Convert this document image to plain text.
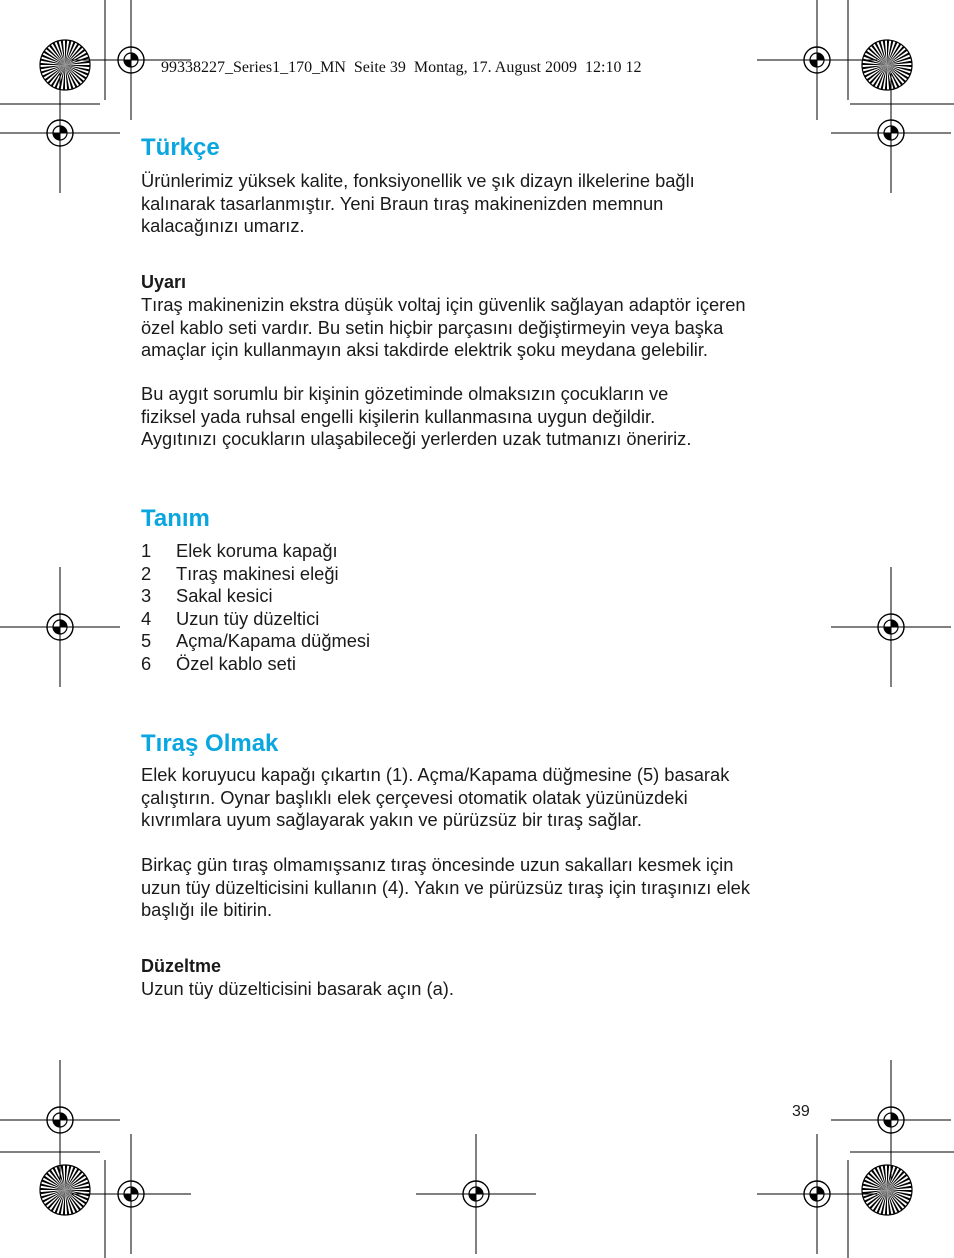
99338227_Series1_170_MN  Seite 39  Montag, 17. August 2009  12:10 12
Türkçe

Ürünlerimiz yüksek kalite, fonksiyonellik ve şık dizayn ilkelerine bağlı
kalınarak tasarlanmıştır. Yeni Braun tıraş makinenizden memnun
kalacağınızı umarız.

Uyarı

Tıraş makinenizin ekstra düşük voltaj için güvenlik sağlayan adaptör içeren
özel kablo seti vardır. Bu setin hiçbir parçasını değiştirmeyin veya başka
amaçlar için kullanmayın aksi takdirde elektrik şoku meydana gelebilir.

Bu aygıt sorumlu bir kişinin gözetiminde olmaksızın çocukların ve
fiziksel yada ruhsal engelli kişilerin kullanmasına uygun değildir.
Aygıtınızı çocukların ulaşabileceği yerlerden uzak tutmanızı öneririz.

Tanım
1 Elek koruma kapağı
2 Tıraş makinesi eleği
3 Sakal kesici
4 Uzun tüy düzeltici
5 Açma/Kapama düğmesi
6 Özel kablo seti
Tıraş Olmak

Elek koruyucu kapağı çıkartın (1). Açma/Kapama düğmesine (5) basarak
çalıştırın. Oynar başlıklı elek çerçevesi otomatik olatak yüzünüzdeki
kıvrımlara uyum sağlayarak yakın ve pürüzsüz bir tıraş sağlar.

Birkaç gün tıraş olmamışsanız tıraş öncesinde uzun sakalları kesmek için
uzun tüy düzelticisini kullanın (4). Yakın ve pürüzsüz tıraş için tıraşınızı elek
başlığı ile bitirin.

Düzeltme

Uzun tüy düzelticisini basarak açın (a).

39
